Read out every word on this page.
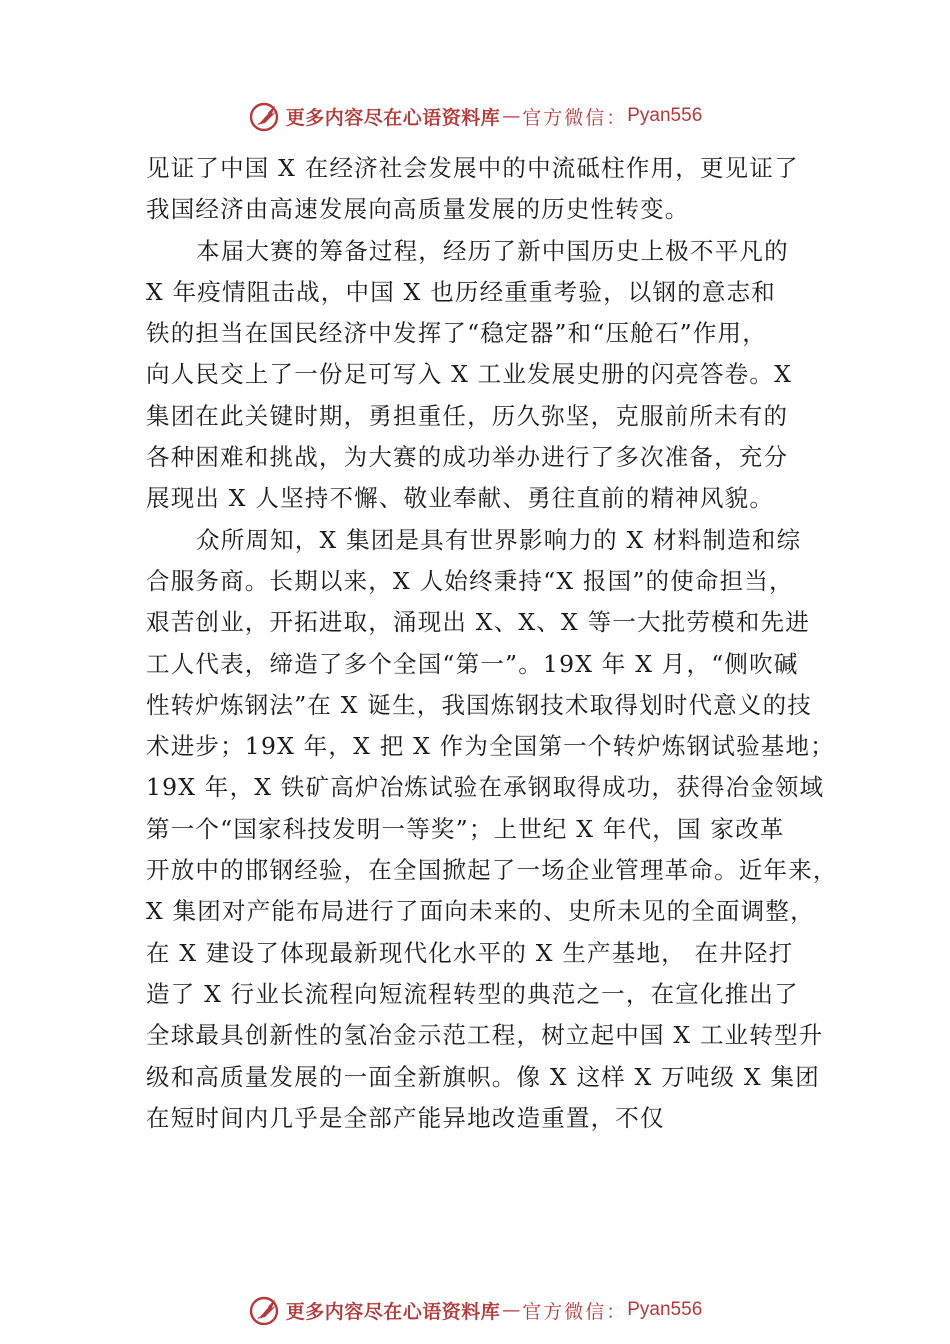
更多内容尽在心语资料库 — 官方微信： Pyan556
见证了中国 X 在经济社会发展中的中流砥柱作用，更见证了
我国经济由高速发展向高质量发展的历史性转变。
本届大赛的筹备过程，经历了新中国历史上极不平凡的
X 年疫情阻击战，中国 X 也历经重重考验，以钢的意志和
铁的担当在国民经济中发挥了“稳定器”和“压舱石”作用，
向人民交上了一份足可写入 X 工业发展史册的闪亮答卷。X
集团在此关键时期，勇担重任，历久弥坚，克服前所未有的
各种困难和挑战，为大赛的成功举办进行了多次准备，充分
展现出 X 人坚持不懈、敬业奉献、勇往直前的精神风貌。
众所周知，X 集团是具有世界影响力的 X 材料制造和综
合服务商。长期以来，X 人始终秉持“X 报国”的使命担当，
艰苦创业，开拓进取，涌现出 X、X、X 等一大批劳模和先进
工人代表，缔造了多个全国“第一”。19X 年 X 月，“侧吹碱
性转炉炼钢法”在 X 诞生，我国炼钢技术取得划时代意义的技
术进步；19X 年，X 把 X 作为全国第一个转炉炼钢试验基地；
19X 年，X 铁矿高炉冶炼试验在承钢取得成功，获得冶金领域
第一个“国家科技发明一等奖”；上世纪 X 年代，国 家改革
开放中的邯钢经验，在全国掀起了一场企业管理革命。近年来，
X 集团对产能布局进行了面向未来的、史所未见的全面调整，
在 X 建设了体现最新现代化水平的 X 生产基地， 在井陉打
造了 X 行业长流程向短流程转型的典范之一，在宣化推出了
全球最具创新性的氢冶金示范工程，树立起中国 X 工业转型升
级和高质量发展的一面全新旗帜。像 X 这样 X 万吨级 X 集团
在短时间内几乎是全部产能异地改造重置，不仅
更多内容尽在心语资料库 — 官方微信： Pyan556
